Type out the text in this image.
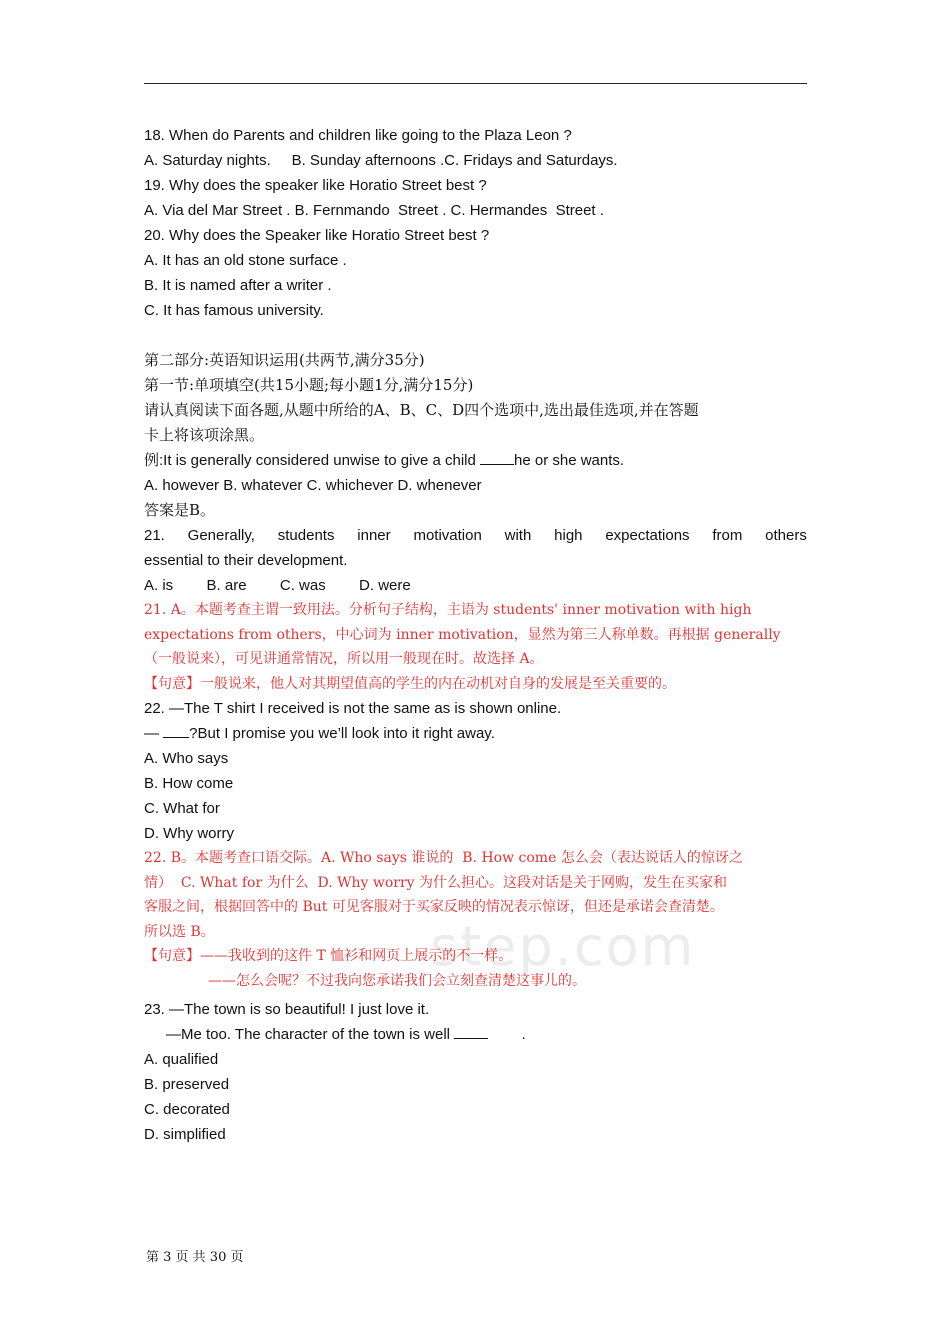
step.com
18. When do Parents and children like going to the Plaza Leon ?
A. Saturday nights.     B. Sunday afternoons .C. Fridays and Saturdays.
19. Why does the speaker like Horatio Street best ?
A. Via del Mar Street . B. Fernmando  Street . C. Hermandes  Street .
20. Why does the Speaker like Horatio Street best ?
A. It has an old stone surface .
B. It is named after a writer .
C. It has famous university.
第二部分:英语知识运用(共两节,满分35分)
第一节:单项填空(共15小题;每小题1分,满分15分)
请认真阅读下面各题,从题中所给的A、B、C、D四个选项中,选出最佳选项,并在答题
卡上将该项涂黑。
例:It is generally considered unwise to give a child he or she wants.
A. however B. whatever C. whichever D. whenever
答案是B。
21. Generally, students inner motivation with high expectations from others
essential to their development.
A. is        B. are        C. was        D. were
21. A。本题考查主谓一致用法。分析句子结构，主语为 students' inner motivation with high
expectations from others，中心词为 inner motivation，显然为第三人称单数。再根据 generally
（一般说来），可见讲通常情况，所以用一般现在时。故选择 A。
【句意】一般说来，他人对其期望值高的学生的内在动机对自身的发展是至关重要的。
22. —The T shirt I received is not the same as is shown online.
— ?But I promise you we’ll look into it right away.
A. Who says
B. How come
C. What for
D. Why worry
22. B。本题考查口语交际。A. Who says 谁说的  B. How come 怎么会（表达说话人的惊讶之
情）  C. What for 为什么  D. Why worry 为什么担心。这段对话是关于网购，发生在买家和
客服之间，根据回答中的 But 可见客服对于买家反映的情况表示惊讶，但还是承诺会查清楚。
所以选 B。
【句意】——我收到的这件 T 恤衫和网页上展示的不一样。
——怎么会呢？不过我向您承诺我们会立刻查清楚这事儿的。
23. —The town is so beautiful! I just love it.
—Me too. The character of the town is well         .
A. qualified
B. preserved
C. decorated
D. simplified
第 3 页 共 30 页
